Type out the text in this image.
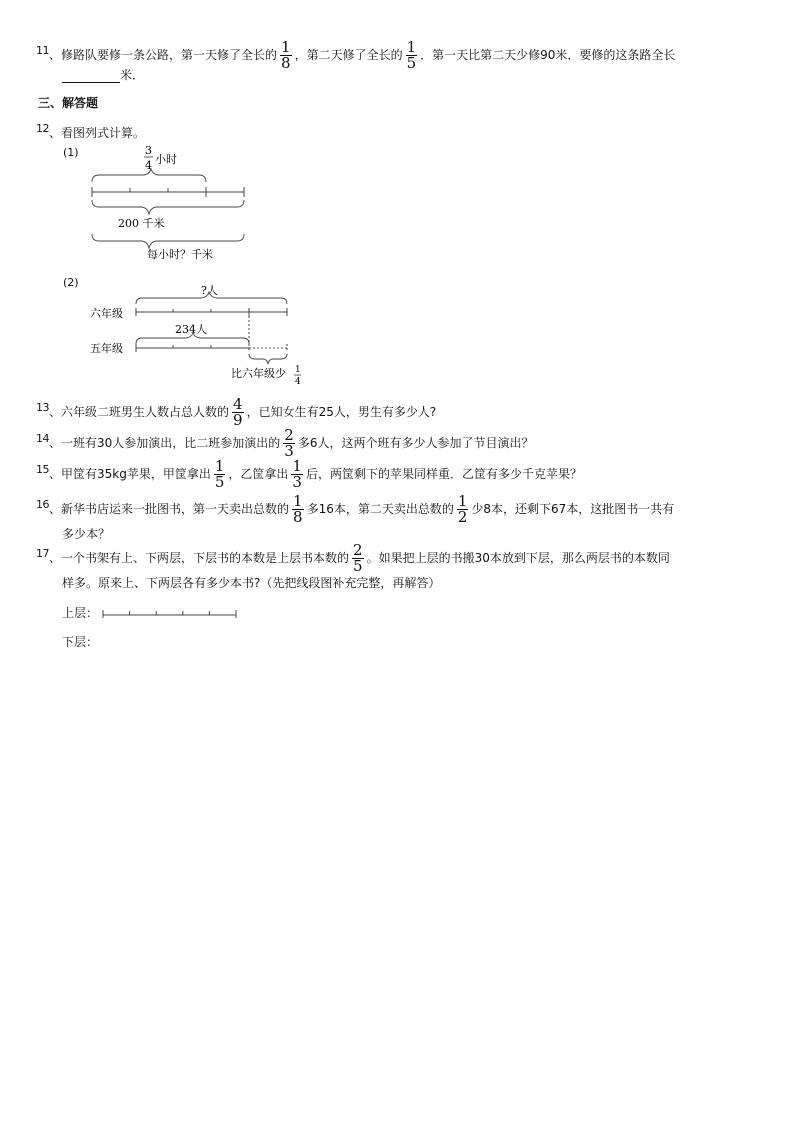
11、修路队要修一条公路，第一天修了全长的 $\frac{1}{8}$ ，第二天修了全长的 $\frac{1}{5}$ ．第一天比第二天少修90米．要修的这条路全长
米．
三、解答题
12、看图列式计算。
(1)	3
4 小时
200 千米
每小时？千米
(2)
?人
六年级
234人
五年级
比六年级少 1
4
13、六年级二班男生人数占总人数的 $\frac{4}{9}$ ，已知女生有25人，男生有多少人?
14、一班有30人参加演出，比二班参加演出的 $\frac{2}{3}$ 多6人，这两个班有多少人参加了节目演出？
15、甲筐有35kg苹果，甲筐拿出 $\frac{1}{5}$ ，乙筐拿出 $\frac{1}{3}$ 后，两筐剩下的苹果同样重．乙筐有多少千克苹果？
16、新华书店运来一批图书，第一天卖出总数的 $\frac{1}{8}$ 多16本，第二天卖出总数的 $\frac{1}{2}$ 少8本，还剩下67本，这批图书一共有
多少本？
17、一个书架有上、下两层，下层书的本数是上层书本数的 $\frac{2}{5}$ 。如果把上层的书搬30本放到下层，那么两层书的本数同
样多。原来上、下两层各有多少本书?（先把线段图补充完整，再解答）
上层：
下层：
